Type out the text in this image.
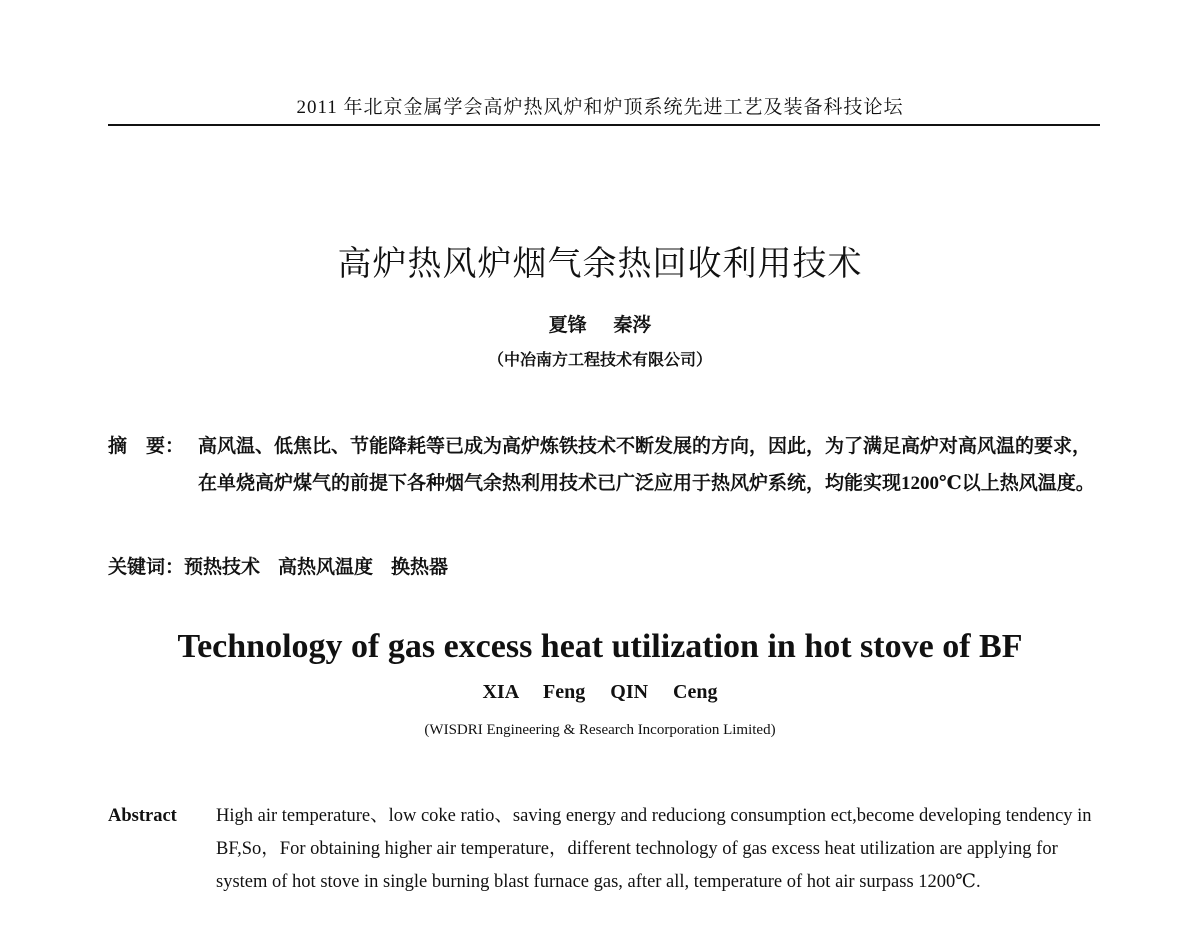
2011 年北京金属学会高炉热风炉和炉顶系统先进工艺及装备科技论坛
高炉热风炉烟气余热回收利用技术
夏锋 秦涔
（中冶南方工程技术有限公司）
摘　要： 高风温、低焦比、节能降耗等已成为高炉炼铁技术不断发展的方向，因此，为了满足高炉对高风温的要求，在单烧高炉煤气的前提下各种烟气余热利用技术已广泛应用于热风炉系统，均能实现1200℃以上热风温度。
关键词：预热技术 高热风温度 换热器
Technology of gas excess heat utilization in hot stove of BF
XIA Feng QIN Ceng
(WISDRI Engineering & Research Incorporation Limited)
Abstract High air temperature、low coke ratio、saving energy and reduciong consumption ect,become developing tendency in BF,So，For obtaining higher air temperature，different technology of gas excess heat utilization are applying for system of hot stove in single burning blast furnace gas, after all, temperature of hot air surpass 1200℃.
